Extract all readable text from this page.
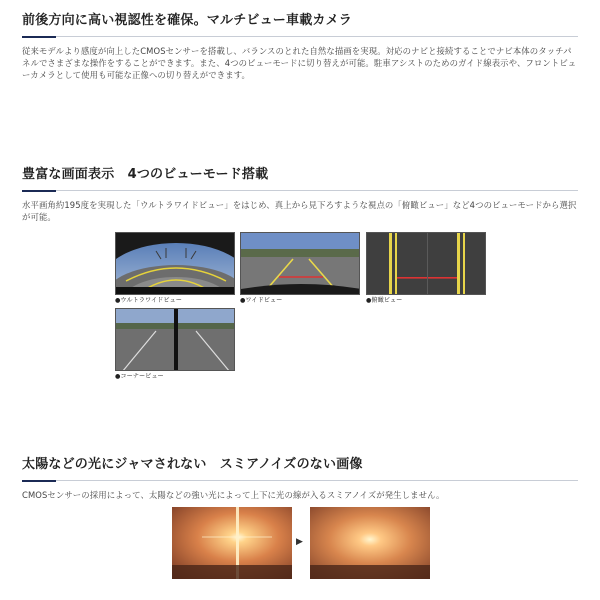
前後方向に高い視認性を確保。マルチビュー車載カメラ
従来モデルより感度が向上したCMOSセンサーを搭載し、バランスのとれた自然な描画を実現。対応のナビと接続することでナビ本体のタッチパネルでさまざまな操作をすることができます。また、4つのビューモードに切り替えが可能。駐車アシストのためのガイド線表示や、フロントビューカメラとして使用も可能な正像への切り替えができます。
豊富な画面表示　4つのビューモード搭載
水平画角約195度を実現した「ウルトラワイドビュー」をはじめ、真上から見下ろすような視点の「俯瞰ビュー」など4つのビューモードから選択が可能。
●ウルトラワイドビュー	●ワイドビュー	●俯瞰ビュー
●コーナービュー
太陽などの光にジャマされない　スミアノイズのない画像
CMOSセンサーの採用によって、太陽などの強い光によって上下に光の線が入るスミアノイズが発生しません。
▶
